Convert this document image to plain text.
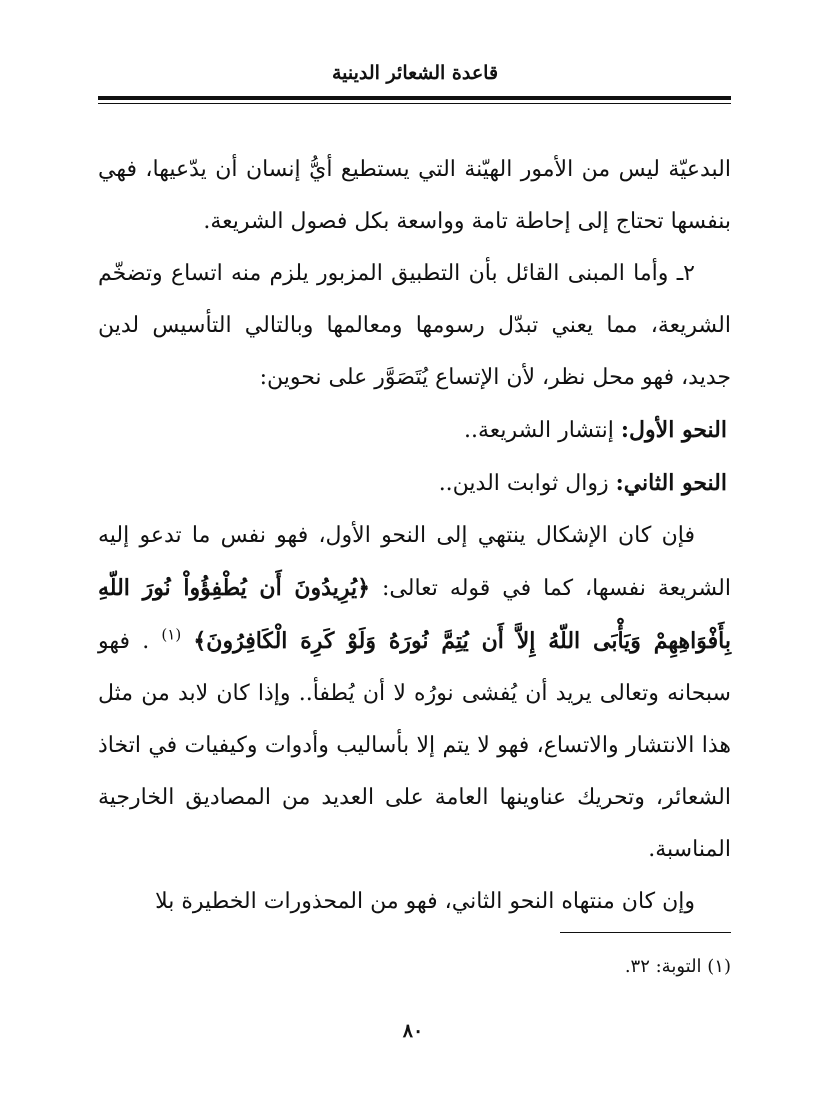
قاعدة الشعائر الدينية

البدعيّة ليس من الأمور الهيّنة التي يستطيع أيُّ إنسان أن يدّعيها، فهي بنفسها تحتاج إلى إحاطة تامة وواسعة بكل فصول الشريعة.

٢ـ وأما المبنى القائل بأن التطبيق المزبور يلزم منه اتساع وتضخّم الشريعة، مما يعني تبدّل رسومها ومعالمها وبالتالي التأسيس لدين جديد، فهو محل نظر، لأن الإتساع يُتَصَوَّر على نحوين:

النحو الأول: إنتشار الشريعة..

النحو الثاني: زوال ثوابت الدين..

فإن كان الإشكال ينتهي إلى النحو الأول، فهو نفس ما تدعو إليه الشريعة نفسها، كما في قوله تعالى: ﴿يُرِيدُونَ أَن يُطْفِؤُواْ نُورَ اللّهِ بِأَفْوَاهِهِمْ وَيَأْبَى اللّهُ إِلاَّ أَن يُتِمَّ نُورَهُ وَلَوْ كَرِهَ الْكَافِرُونَ﴾ $^{(١)}$ . فهو سبحانه وتعالى يريد أن يُفشى نورُه لا أن يُطفأ.. وإذا كان لابد من مثل هذا الانتشار والاتساع، فهو لا يتم إلا بأساليب وأدوات وكيفيات في اتخاذ الشعائر، وتحريك عناوينها العامة على العديد من المصاديق الخارجية المناسبة.

وإن كان منتهاه النحو الثاني، فهو من المحذورات الخطيرة بلا

(١) التوبة: ٣٢.
٨٠
